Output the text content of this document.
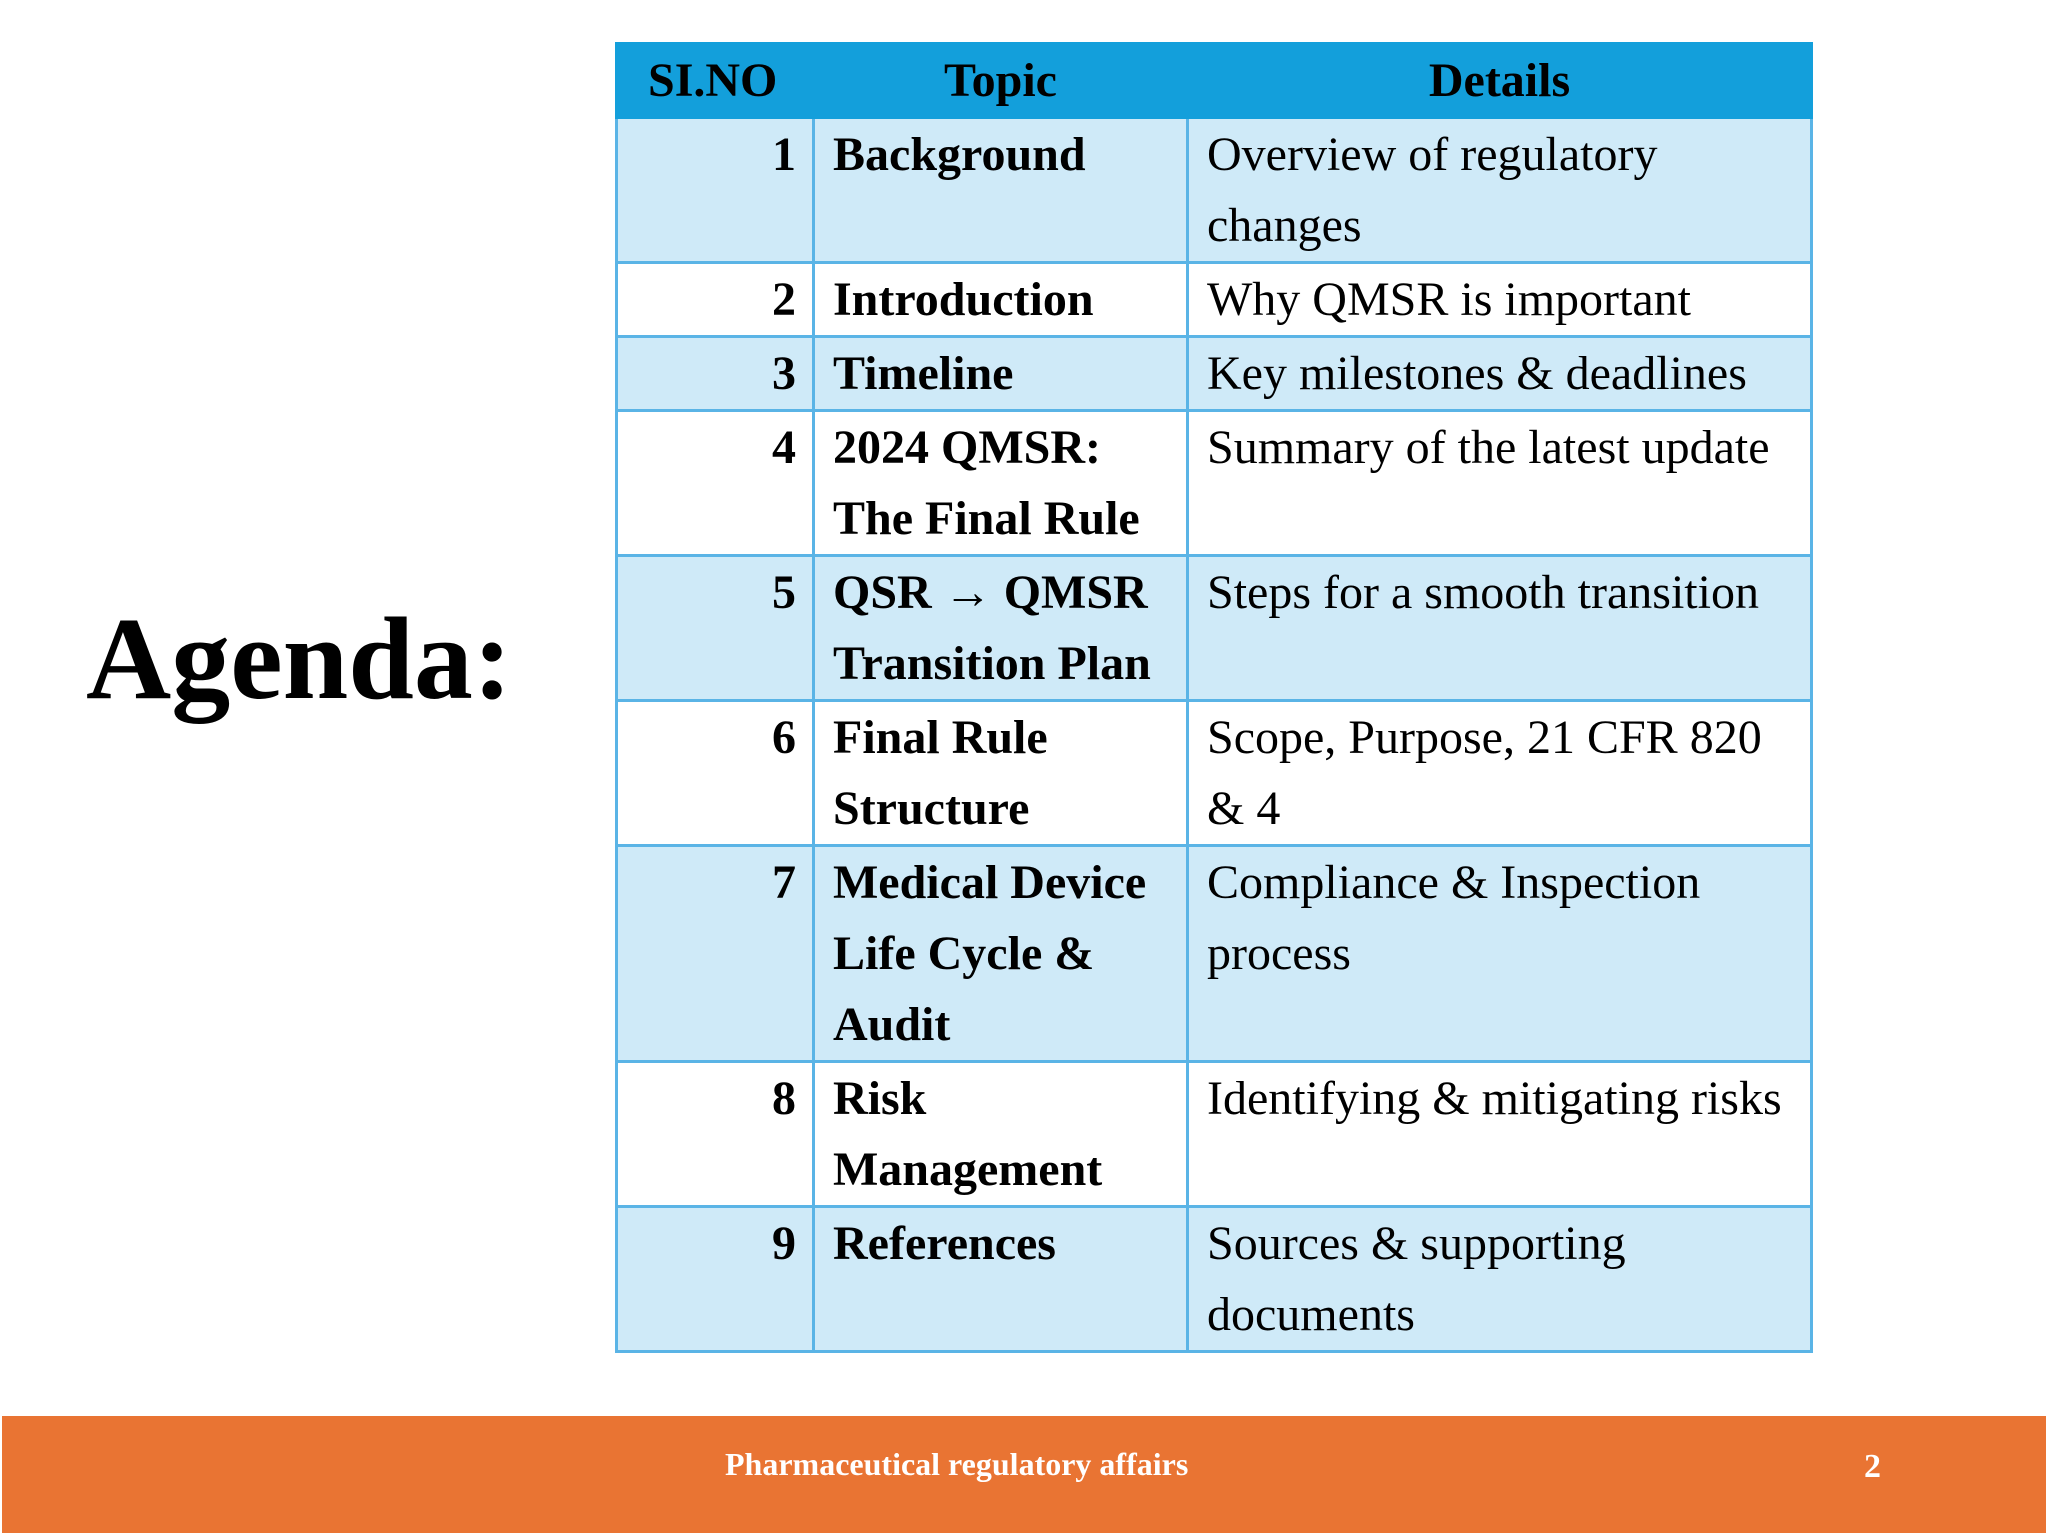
Agenda:
SI.NO	Topic	Details
1	Background	Overview of regulatory changes
2	Introduction	Why QMSR is important
3	Timeline	Key milestones & deadlines
4	2024 QMSR: The Final Rule	Summary of the latest update
5	QSR → QMSR Transition Plan	Steps for a smooth transition
6	Final Rule Structure	Scope, Purpose, 21 CFR 820 & 4
7	Medical Device Life Cycle & Audit	Compliance & Inspection process
8	Risk Management	Identifying & mitigating risks
9	References	Sources & supporting documents
Pharmaceutical regulatory affairs	2
